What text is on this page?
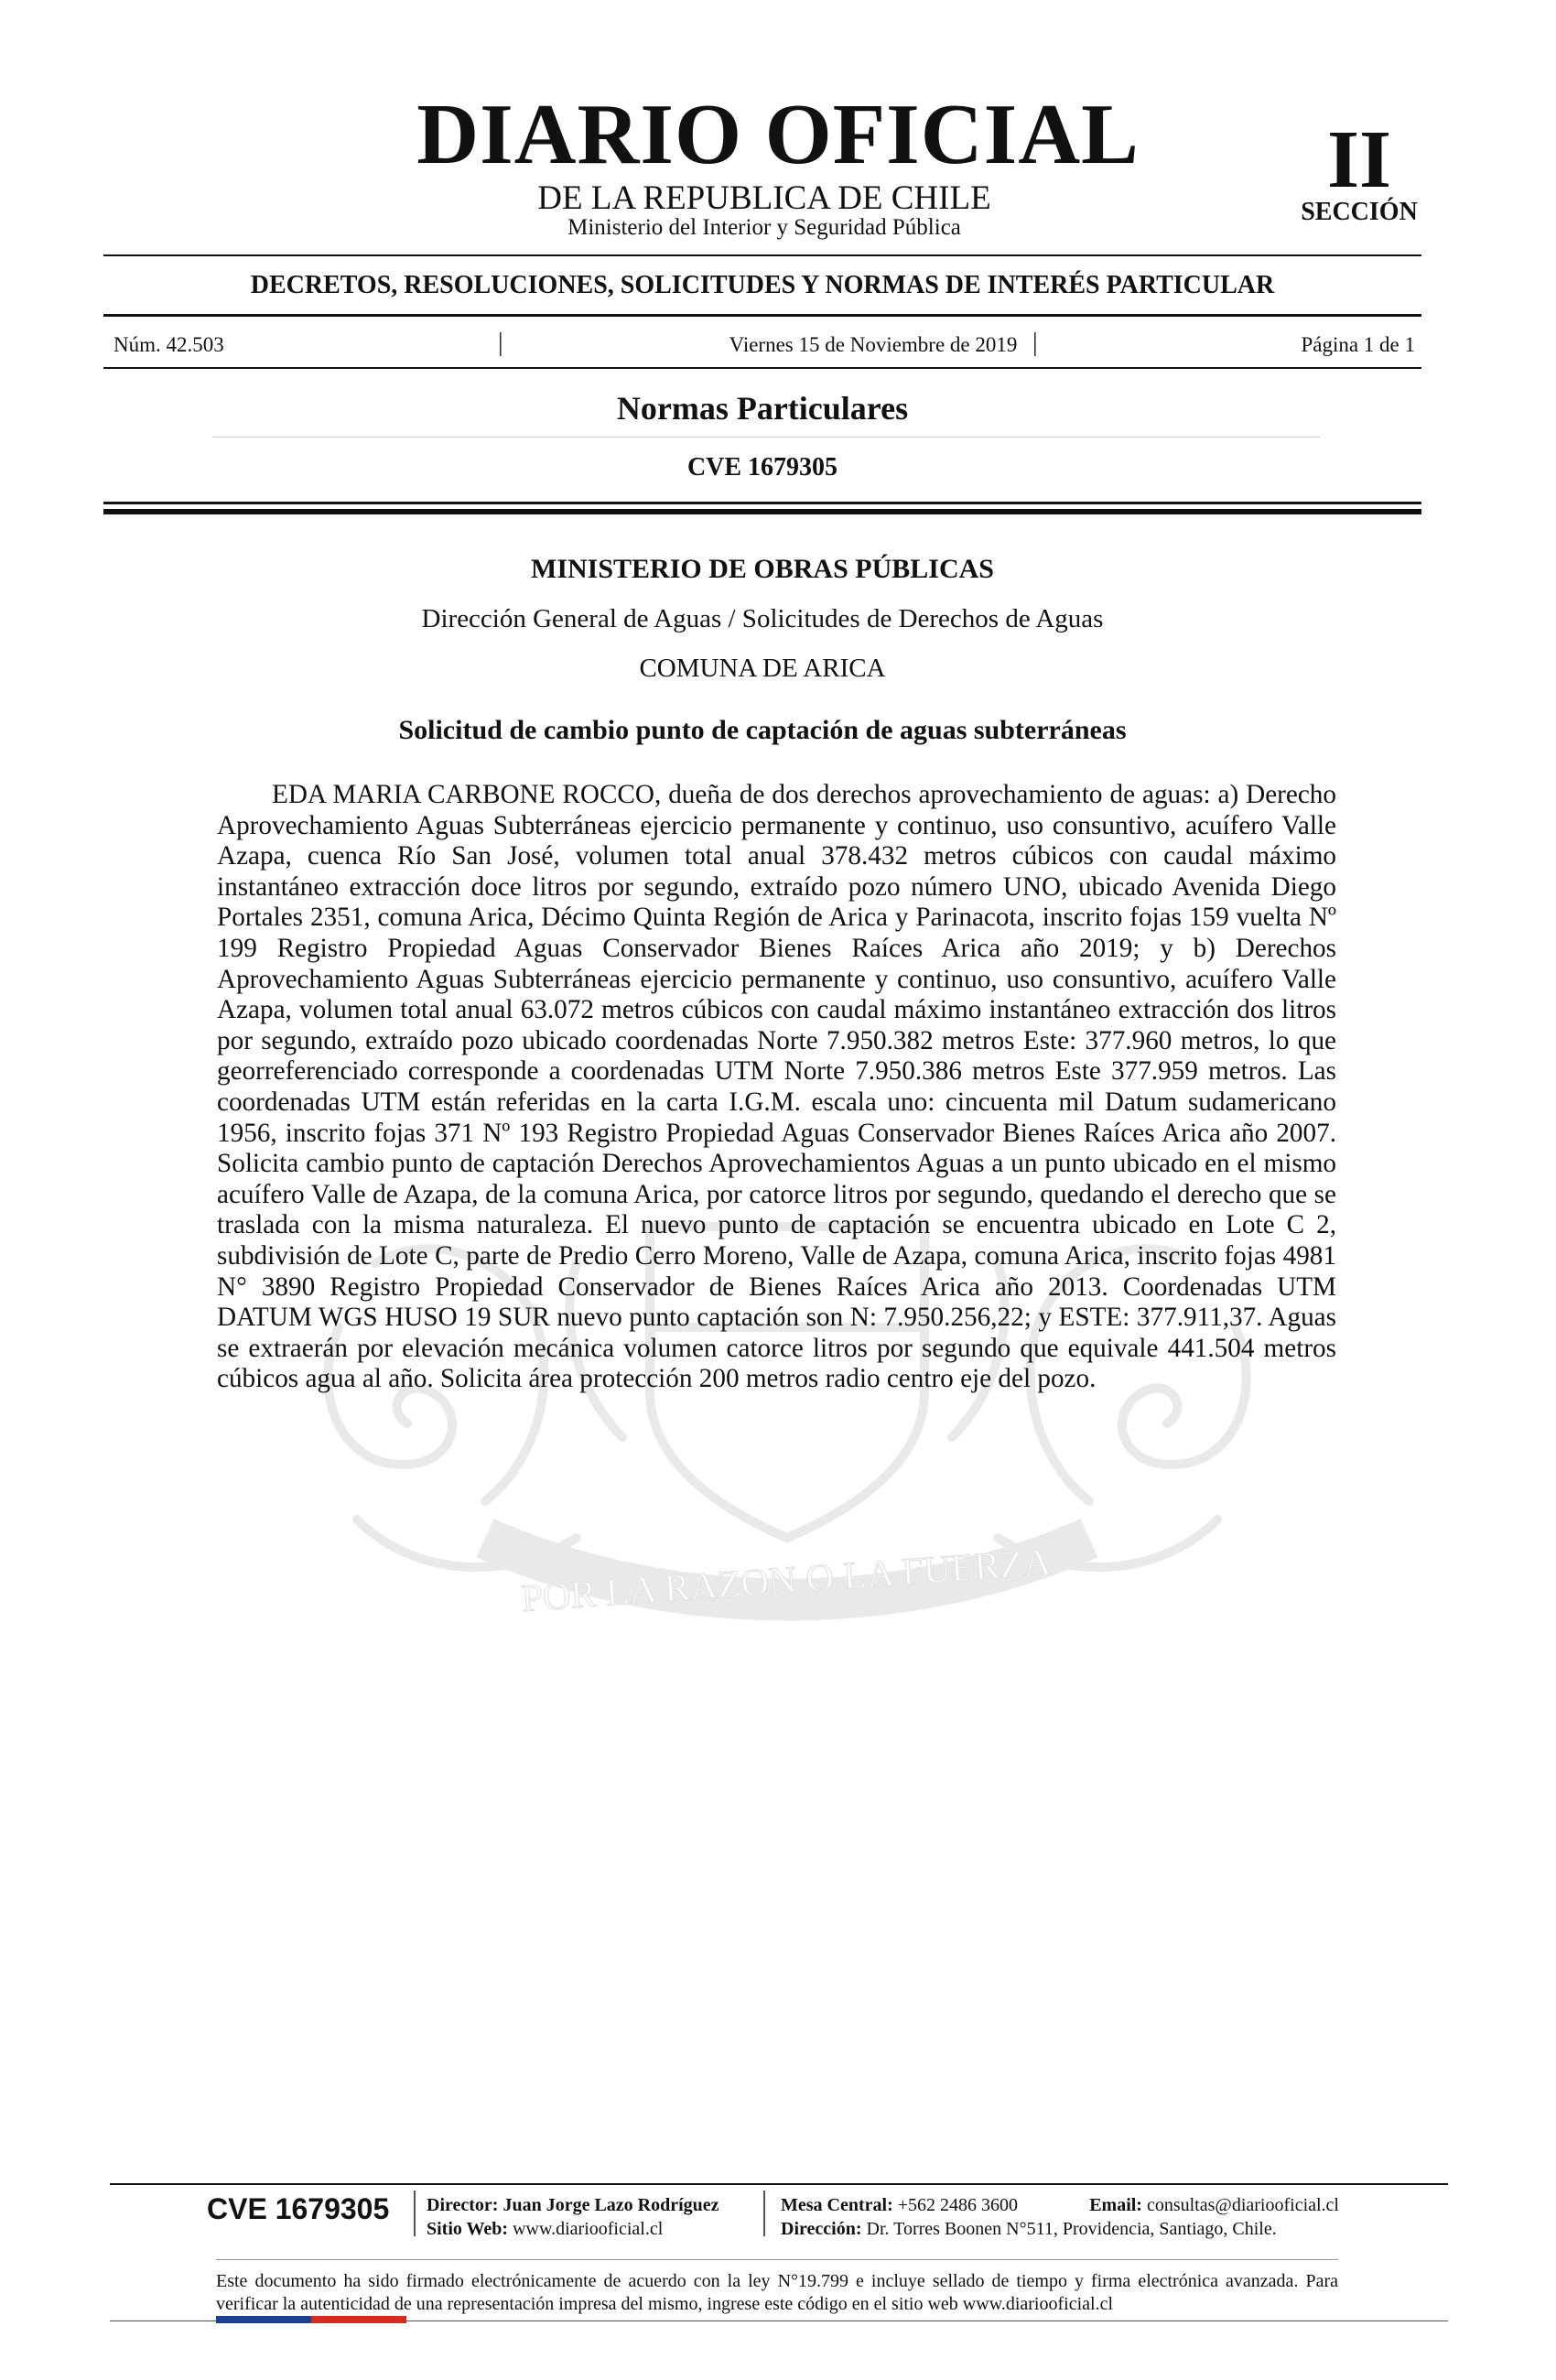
POR LA RAZON O LA FUERZA
DIARIO OFICIAL
DE LA REPUBLICA DE CHILE
Ministerio del Interior y Seguridad Pública
II
SECCIÓN
DECRETOS, RESOLUCIONES, SOLICITUDES Y NORMAS DE INTERÉS PARTICULAR
Núm. 42.503	|	Viernes 15 de Noviembre de 2019 |	Página 1 de 1
Normas Particulares
CVE 1679305
MINISTERIO DE OBRAS PÚBLICAS
Dirección General de Aguas / Solicitudes de Derechos de Aguas
COMUNA DE ARICA
Solicitud de cambio punto de captación de aguas subterráneas
EDA MARIA CARBONE ROCCO, dueña de dos derechos aprovechamiento de aguas: a) Derecho Aprovechamiento Aguas Subterráneas ejercicio permanente y continuo, uso consuntivo, acuífero Valle Azapa, cuenca Río San José, volumen total anual 378.432 metros cúbicos con caudal máximo instantáneo extracción doce litros por segundo, extraído pozo número UNO, ubicado Avenida Diego Portales 2351, comuna Arica, Décimo Quinta Región de Arica y Parinacota, inscrito fojas 159 vuelta Nº 199 Registro Propiedad Aguas Conservador Bienes Raíces Arica año 2019; y b) Derechos Aprovechamiento Aguas Subterráneas ejercicio permanente y continuo, uso consuntivo, acuífero Valle Azapa, volumen total anual 63.072 metros cúbicos con caudal máximo instantáneo extracción dos litros por segundo, extraído pozo ubicado coordenadas Norte 7.950.382 metros Este: 377.960 metros, lo que georreferenciado corresponde a coordenadas UTM Norte 7.950.386 metros Este 377.959 metros. Las coordenadas UTM están referidas en la carta I.G.M. escala uno: cincuenta mil Datum sudamericano 1956, inscrito fojas 371 Nº 193 Registro Propiedad Aguas Conservador Bienes Raíces Arica año 2007. Solicita cambio punto de captación Derechos Aprovechamientos Aguas a un punto ubicado en el mismo acuífero Valle de Azapa, de la comuna Arica, por catorce litros por segundo, quedando el derecho que se traslada con la misma naturaleza. El nuevo punto de captación se encuentra ubicado en Lote C 2, subdivisión de Lote C, parte de Predio Cerro Moreno, Valle de Azapa, comuna Arica, inscrito fojas 4981 N° 3890 Registro Propiedad Conservador de Bienes Raíces Arica año 2013. Coordenadas UTM DATUM WGS HUSO 19 SUR nuevo punto captación son N: 7.950.256,22; y ESTE: 377.911,37. Aguas se extraerán por elevación mecánica volumen catorce litros por segundo que equivale 441.504 metros cúbicos agua al año. Solicita área protección 200 metros radio centro eje del pozo.
CVE 1679305	Director: Juan Jorge Lazo Rodríguez
Sitio Web: www.diariooficial.cl
Mesa Central: +562 2486 3600	Email: consultas@diariooficial.cl
Dirección: Dr. Torres Boonen N°511, Providencia, Santiago, Chile.
Este documento ha sido firmado electrónicamente de acuerdo con la ley N°19.799 e incluye sellado de tiempo y firma electrónica avanzada. Para verificar la autenticidad de una representación impresa del mismo, ingrese este código en el sitio web www.diariooficial.cl
